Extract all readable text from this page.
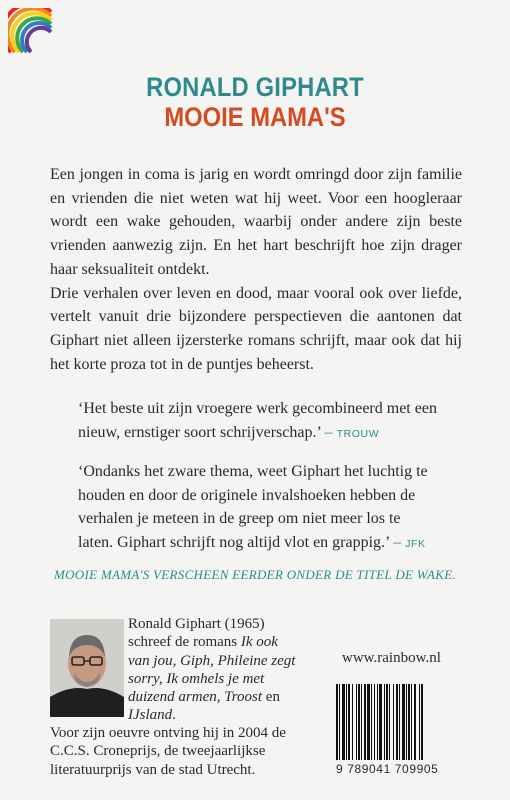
RONALD GIPHART
MOOIE MAMA'S

Een jongen in coma is jarig en wordt omringd door zijn familie en vrienden die niet weten wat hij weet. Voor een hoogleraar wordt een wake gehouden, waarbij onder andere zijn beste vrienden aanwezig zijn. En het hart beschrijft hoe zijn drager haar seksualiteit ontdekt.

Drie verhalen over leven en dood, maar vooral ook over liefde, vertelt vanuit drie bijzondere perspectieven die aantonen dat Giphart niet alleen ijzersterke romans schrijft, maar ook dat hij het korte proza tot in de puntjes beheerst.

‘Het beste uit zijn vroegere werk gecombineerd met een nieuw, ernstiger soort schrijverschap.’ – TROUW
‘Ondanks het zware thema, weet Giphart het luchtig te houden en door de originele invalshoeken hebben de verhalen je meteen in de greep om niet meer los te laten. Giphart schrijft nog altijd vlot en grappig.’ – JFK
MOOIE MAMA'S VERSCHEEN EERDER ONDER DE TITEL DE WAKE.
Ronald Giphart (1965)
schreef de romans Ik ook van jou, Giph, Phileine zegt sorry, Ik omhels je met duizend armen, Troost en IJsland.
Voor zijn oeuvre ontving hij in 2004 de C.C.S. Croneprijs, de tweejaarlijkse literatuurprijs van de stad Utrecht.
www.rainbow.nl
9 789041 709905
